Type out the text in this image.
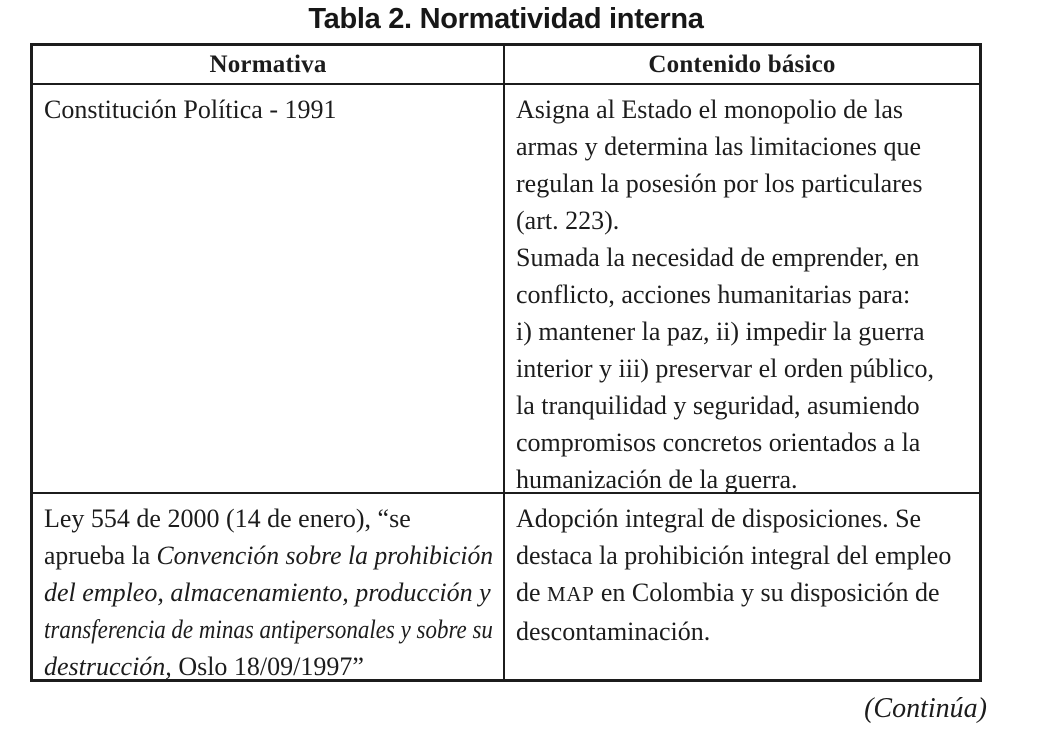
Tabla 2. Normatividad interna
Normativa	Contenido básico
Constitución Política - 1991	Asigna al Estado el monopolio de las
armas y determina las limitaciones que
regulan la posesión por los particulares
(art. 223).
Sumada la necesidad de emprender, en
conflicto, acciones humanitarias para:
i) mantener la paz, ii) impedir la guerra
interior y iii) preservar el orden público,
la tranquilidad y seguridad, asumiendo
compromisos concretos orientados a la
humanización de la guerra.
Ley 554 de 2000 (14 de enero), “se
aprueba la Convención sobre la prohibición
del empleo, almacenamiento, producción y
transferencia de minas antipersonales y sobre su
destrucción, Oslo 18/09/1997”
Adopción integral de disposiciones. Se
destaca la prohibición integral del empleo
de MAP en Colombia y su disposición de
descontaminación.
(Continúa)
